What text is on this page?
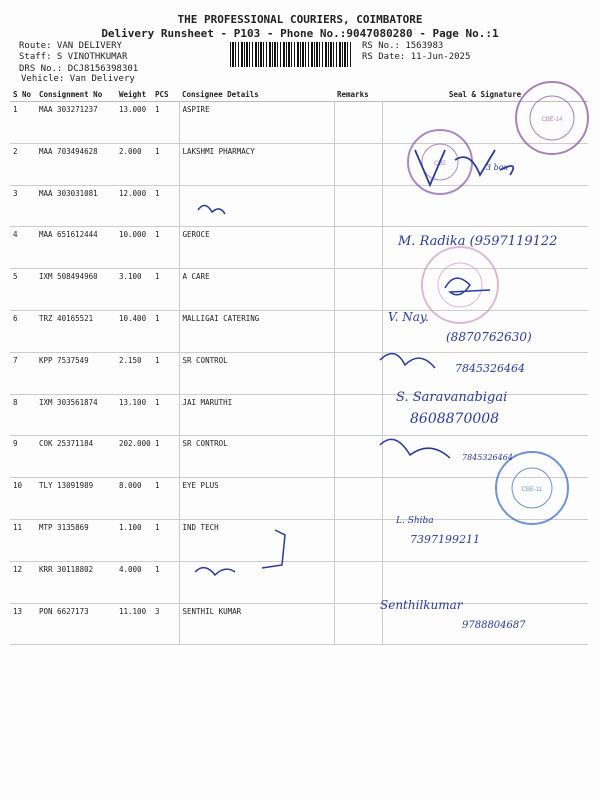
THE PROFESSIONAL COURIERS, COIMBATORE
Delivery Runsheet - P103 - Phone No.:9047080280 - Page No.:1
Route: VAN DELIVERY
Staff: S VINOTHKUMAR
DRS No.: DCJ8156398301
Vehicle: Van Delivery
RS No.: 1563983
RS Date: 11-Jun-2025
S No	Consignment No	Weight	PCS	Consignee Details	Remarks	Seal & Signature
1	MAA 303271237	13.000	1	ASPIRE		
2	MAA 703494628	2.000	1	LAKSHMI PHARMACY		
3	MAA 303031081	12.000	1			
4	MAA 651612444	10.000	1	GEROCE		
5	IXM 508494960	3.100	1	A CARE		
6	TRZ 40165521	10.400	1	MALLIGAI CATERING		
7	KPP 7537549	2.150	1	SR CONTROL		
8	IXM 303561874	13.100	1	JAI MARUTHI		
9	COK 25371184	202.000	1	SR CONTROL		
10	TLY 13091989	8.000	1	EYE PLUS		
11	MTP 3135869	1.100	1	IND TECH		
12	KRR 30118802	4.000	1			
13	PON 6627173	11.100	3	SENTHIL KUMAR		
CBE-14
CBE
CBE-11
M. Radika (9597119122
3 box
V. Nay.
(8870762630)
7845326464
S. Saravanabigai
8608870008
7845326464
L. Shiba
7397199211
Senthilkumar
9788804687
